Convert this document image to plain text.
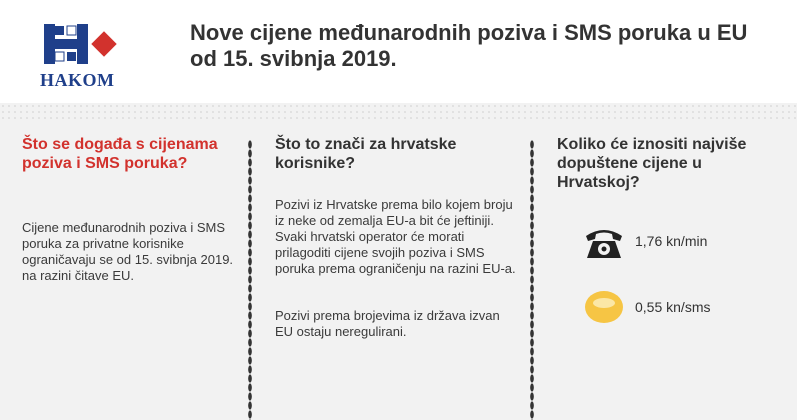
HAKOM
Nove cijene međunarodnih poziva i SMS poruka u EU od 15. svibnja 2019.

Što se događa s cijenama poziva i SMS poruka?

Cijene međunarodnih poziva i SMS poruka za privatne korisnike ograničavaju se od 15. svibnja 2019. na razini čitave EU.

Što to znači za hrvatske korisnike?

Pozivi iz Hrvatske prema bilo kojem broju iz neke od zemalja EU-a bit će jeftiniji. Svaki hrvatski operator će morati prilagoditi cijene svojih poziva i SMS poruka prema ograničenju na razini EU-a.

Pozivi prema brojevima iz država izvan EU ostaju neregulirani.

Koliko će iznositi najviše dopuštene cijene u Hrvatskoj?

1,76 kn/min
0,55 kn/sms
